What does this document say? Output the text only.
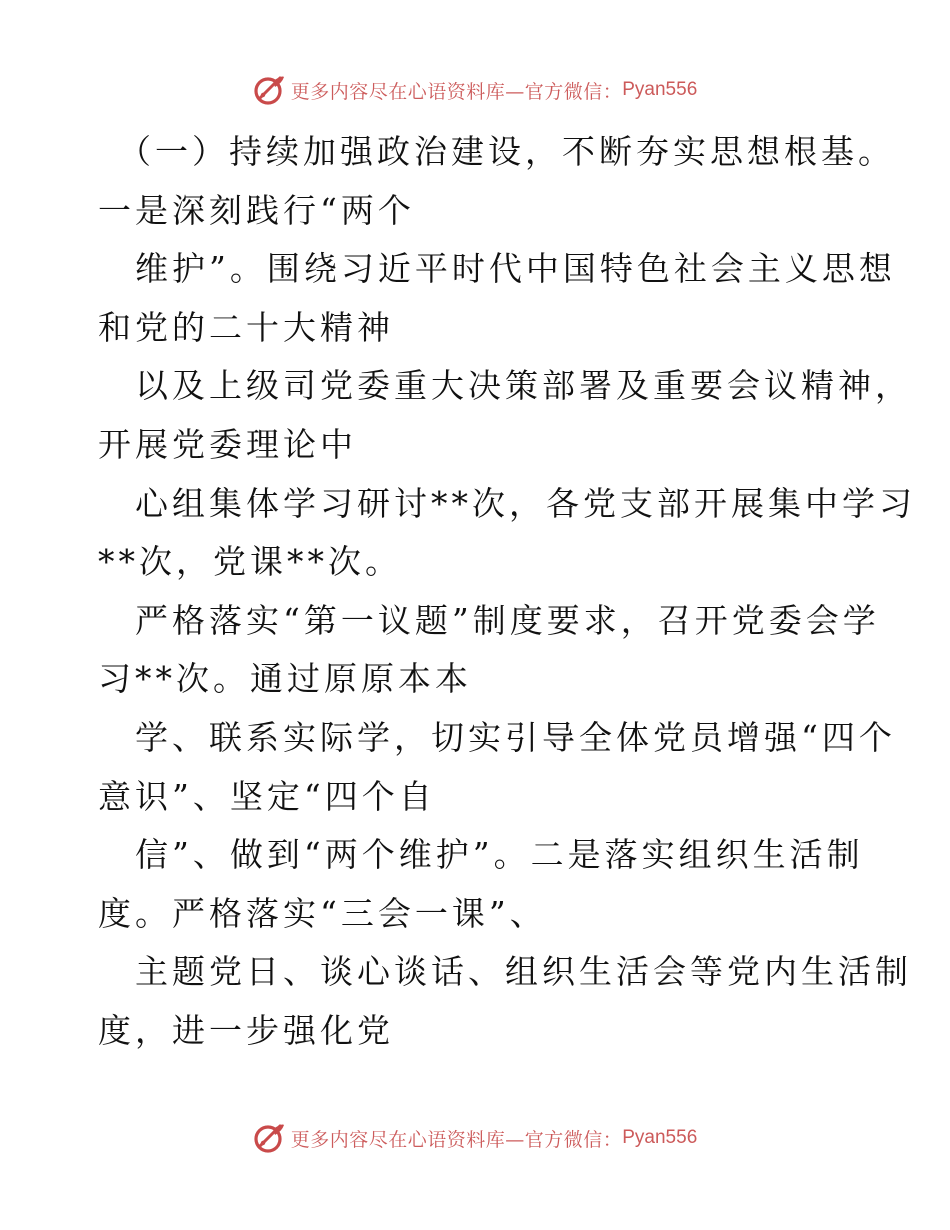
更多内容尽在心语资料库—官方微信： Pyan556
（一）持续加强政治建设，不断夯实思想根基。
一是深刻践行“两个
维护”。围绕习近平时代中国特色社会主义思想
和党的二十大精神
以及上级司党委重大决策部署及重要会议精神，
开展党委理论中
心组集体学习研讨**次，各党支部开展集中学习
**次，党课**次。
严格落实“第一议题”制度要求，召开党委会学
习**次。通过原原本本
学、联系实际学，切实引导全体党员增强“四个
意识”、坚定“四个自
信”、做到“两个维护”。二是落实组织生活制
度。严格落实“三会一课”、
主题党日、谈心谈话、组织生活会等党内生活制
度，进一步强化党
更多内容尽在心语资料库—官方微信： Pyan556
